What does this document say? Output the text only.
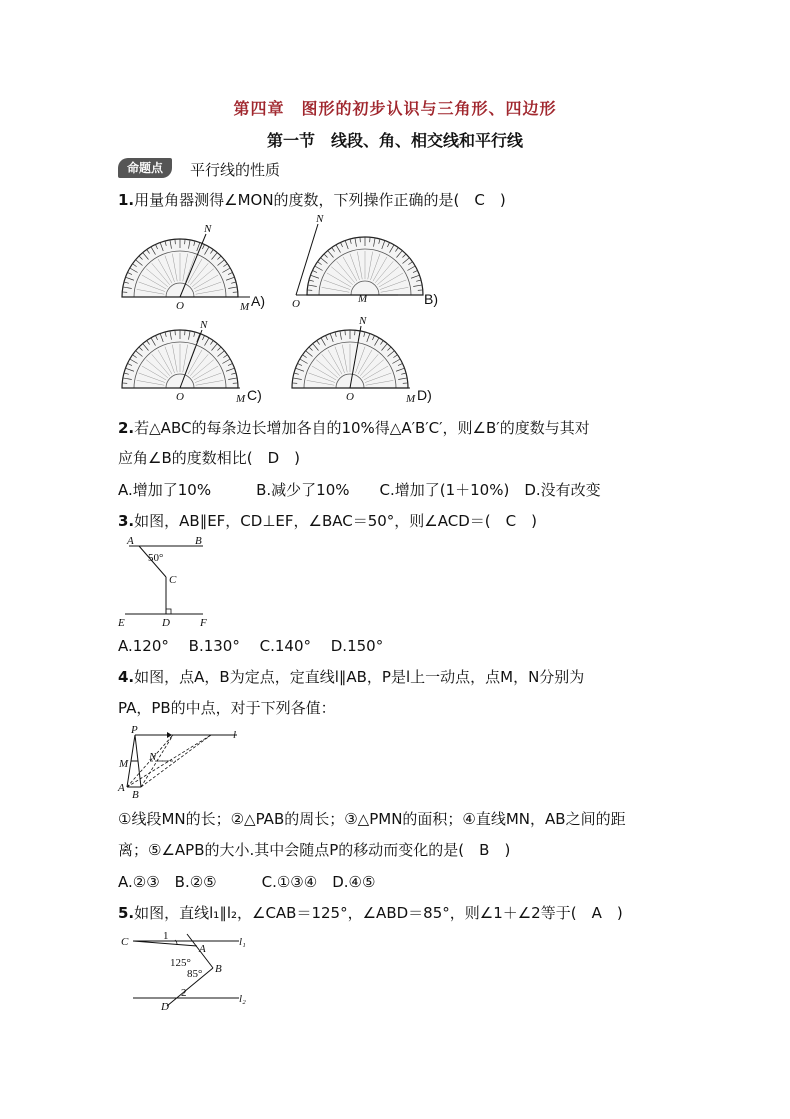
第四章　图形的初步认识与三角形、四边形
第一节　线段、角、相交线和平行线
命题点	平行线的性质
1.用量角器测得∠MON的度数，下列操作正确的是(　C　)
N
O	M A)
N
O	M	B)
N
O	M C)
N
O	M D)
2.若△ABC的每条边长增加各自的10%得△A′B′C′，则∠B′的度数与其对
应角∠B的度数相比(　D　)
A.增加了10%　　　B.减少了10%　　C.增加了(1＋10%)　D.没有改变
3.如图，AB∥EF，CD⊥EF，∠BAC＝50°，则∠ACD＝(　C　)
A	B
C
D
E	F
50°
A.120°　 B.130°　 C.140°　 D.150°
4.如图，点A，B为定点，定直线l∥AB，P是l上一动点，点M，N分别为
PA，PB的中点，对于下列各值：
P	l
M
N
A
B
①线段MN的长；②△PAB的周长；③△PMN的面积；④直线MN，AB之间的距
离；⑤∠APB的大小.其中会随点P的移动而变化的是(　B　)
A.②③　B.②⑤　　　C.①③④　D.④⑤
5.如图，直线l₁∥l₂，∠CAB＝125°，∠ABD＝85°，则∠1＋∠2等于(　A　)
C	1
A
l₁
125° B
85°
2
D
l₂
